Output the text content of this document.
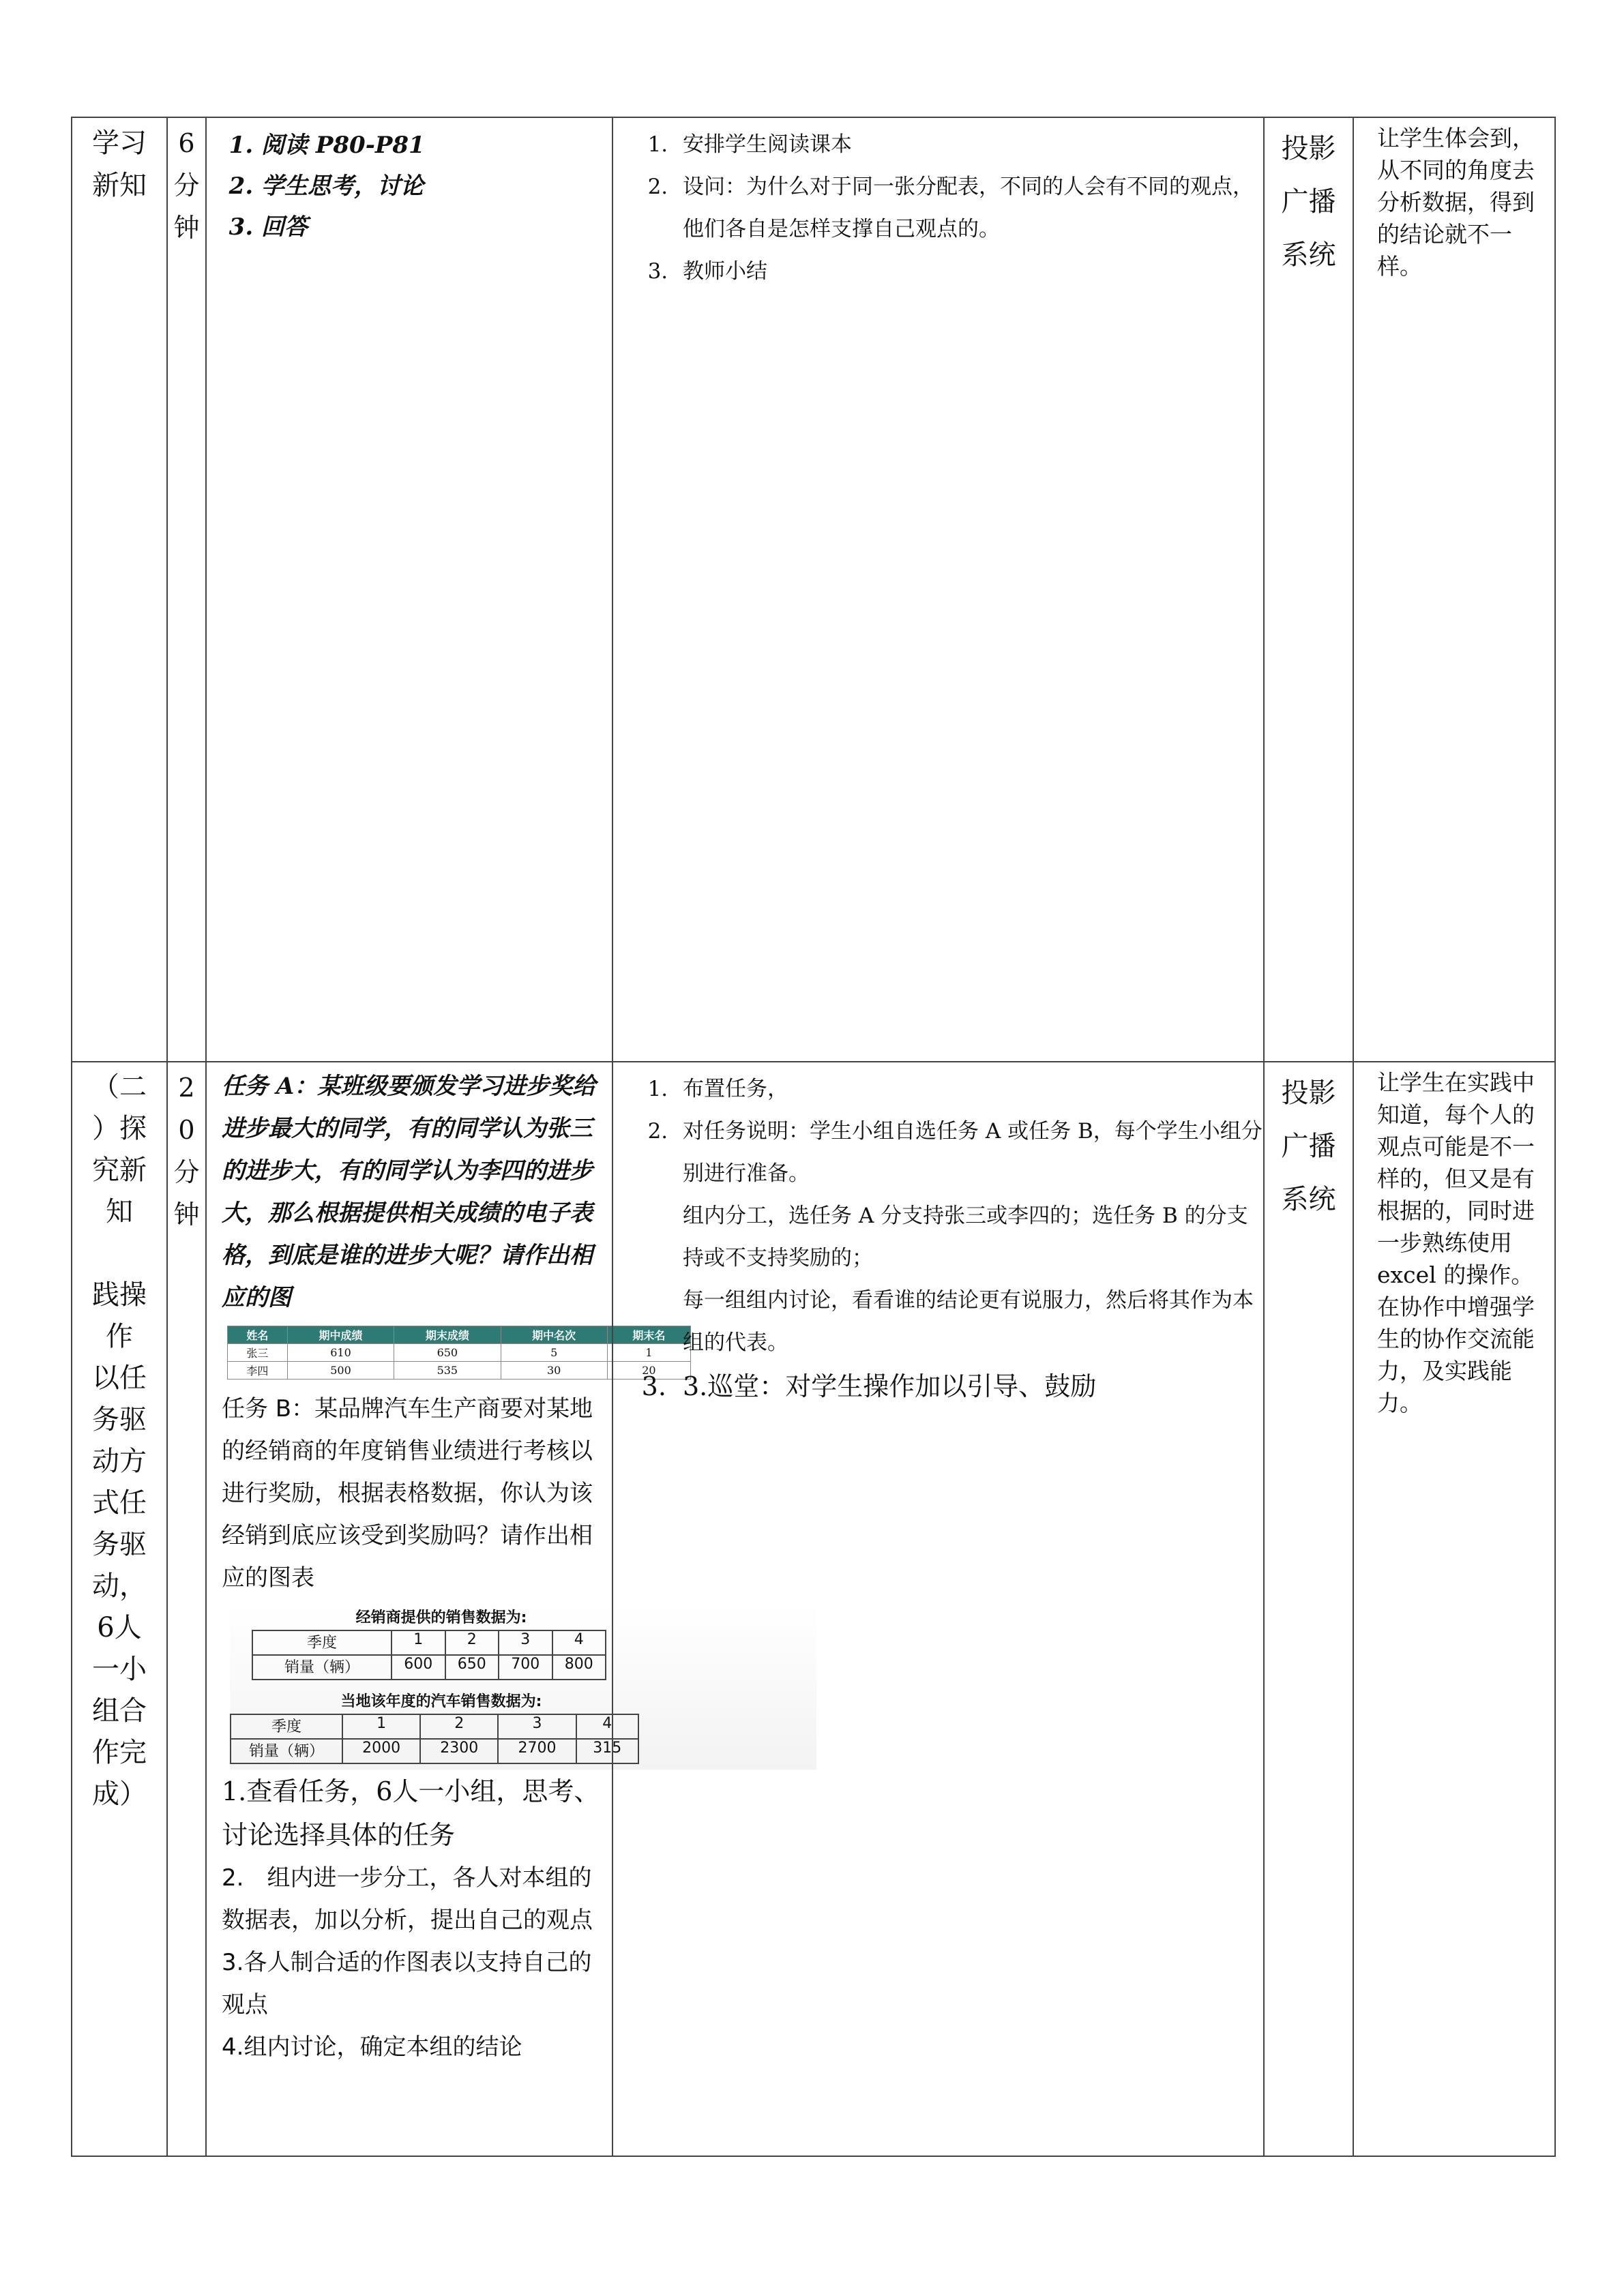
学习
新知

6
分
钟

1. 阅读 P80-P81
2. 学生思考，讨论
3. 回答

1. 安排学生阅读课本
2. 设问：为什么对于同一张分配表，不同的人会有不同的观点，他们各自是怎样支撑自己观点的。
3. 教师小结

投影
广播
系统

让学生体会到，从不同的角度去分析数据，得到的结论就不一样。

（二
）探
究新
知
践操
作
以任
务驱
动方
式任
务驱
动，
6人
一小
组合
作完
成）

2
0
分
钟

任务 A：某班级要颁发学习进步奖给进步最大的同学，有的同学认为张三的进步大，有的同学认为李四的进步大，那么根据提供相关成绩的电子表格，到底是谁的进步大呢？请作出相应的图
姓名	期中成绩	期末成绩	期中名次	期末名
张三	610	650	5	1
李四	500	535	30	20
任务 B：某品牌汽车生产商要对某地的经销商的年度销售业绩进行考核以进行奖励，根据表格数据，你认为该经销到底应该受到奖励吗？请作出相应的图表
经销商提供的销售数据为:
季度	1	2	3	4
销量（辆）	600	650	700	800
当地该年度的汽车销售数据为:
季度	1	2	3	4
销量（辆）	2000	2300	2700	315
1.查看任务，6人一小组，思考、讨论选择具体的任务
2.　组内进一步分工，各人对本组的数据表，加以分析，提出自己的观点
3.各人制合适的作图表以支持自己的观点
4.组内讨论，确定本组的结论

1. 布置任务，
2. 对任务说明：学生小组自选任务 A 或任务 B，每个学生小组分别进行准备。
组内分工，选任务 A 分支持张三或李四的；选任务 B 的分支持或不支持奖励的；
每一组组内讨论，看看谁的结论更有说服力，然后将其作为本组的代表。
3. 3.巡堂：对学生操作加以引导、鼓励

投影
广播
系统

让学生在实践中知道，每个人的观点可能是不一样的，但又是有根据的，同时进一步熟练使用 excel 的操作。在协作中增强学生的协作交流能力，及实践能力。
